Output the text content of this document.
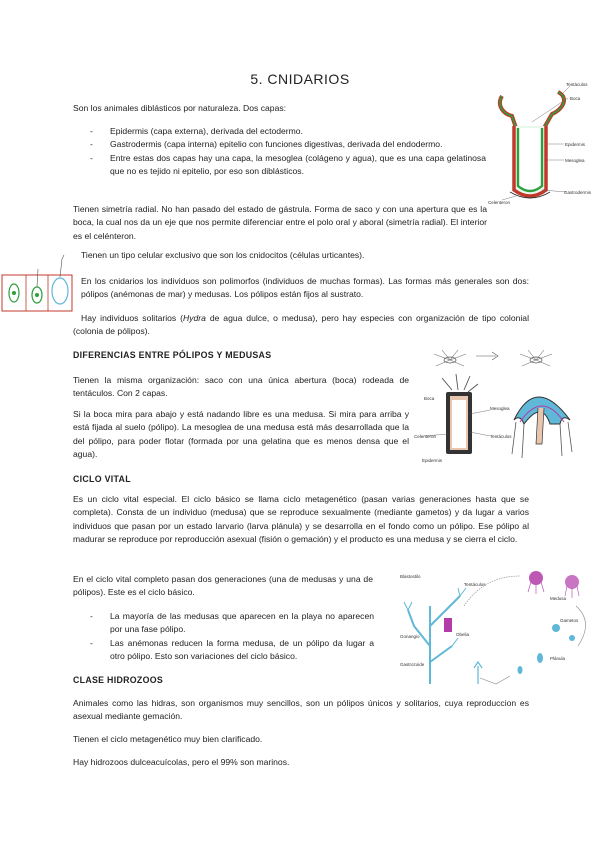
5. CNIDARIOS	Tentáculos
Boca
Epidermis
Mesoglea
Celenteron
Gastrodermis

Son los animales diblásticos por naturaleza. Dos capas:

- Epidermis (capa externa), derivada del ectodermo.
- Gastrodermis (capa interna) epitelio con funciones digestivas, derivada del endodermo.
- Entre estas dos capas hay una capa, la mesoglea (colágeno y agua), que es una capa gelatinosa que no es tejido ni epitelio, por eso son diblásticos.

Tienen simetría radial. No han pasado del estado de gástrula. Forma de saco y con una apertura que es la boca, la cual nos da un eje que nos permite diferenciar entre el polo oral y aboral (simetría radial). El interior es el celénteron.

Tienen un tipo celular exclusivo que son los cnidocitos (células urticantes).

En los cnidarios los individuos son polimorfos (individuos de muchas formas). Las formas más generales son dos: pólipos (anémonas de mar) y medusas. Los pólipos están fijos al sustrato.

Hay individuos solitarios (Hydra de agua dulce, o medusa), pero hay especies con organización de tipo colonial (colonia de pólipos).

DIFERENCIAS ENTRE PÓLIPOS Y MEDUSAS
Boca
Mesoglea
Celenteron	Tentáculos
Epidermis

Tienen la misma organización: saco con una única abertura (boca) rodeada de tentáculos. Con 2 capas.

Si la boca mira para abajo y está nadando libre es una medusa. Si mira para arriba y está fijada al suelo (pólipo). La mesoglea de una medusa está más desarrollada que la del pólipo, para poder flotar (formada por una gelatina que es menos densa que el agua).

CICLO VITAL

Es un ciclo vital especial. El ciclo básico se llama ciclo metagenético (pasan varias generaciones hasta que se completa). Consta de un individuo (medusa) que se reproduce sexualmente (mediante gametos) y da lugar a varios individuos que pasan por un estado larvario (larva plánula) y se desarrolla en el fondo como un pólipo. Ese pólipo al madurar se reproduce por reproducción asexual (fisión o gemación) y el producto es una medusa y se cierra el ciclo.

Blastostilo
Gonangio
Gastrozoide
Tentáculos
Medusa
Obelia
Plánula
Gametos

En el ciclo vital completo pasan dos generaciones (una de medusas y una de pólipos). Este es el ciclo básico.

- La mayoría de las medusas que aparecen en la playa no aparecen por una fase pólipo.
- Las anémonas reducen la forma medusa, de un pólipo da lugar a otro pólipo. Esto son variaciones del ciclo básico.
CLASE HIDROZOOS

Animales como las hidras, son organismos muy sencillos, son un pólipos únicos y solitarios, cuya reproduccion es asexual mediante gemación.

Tienen el ciclo metagenético muy bien clarificado.

Hay hidrozoos dulceacuícolas, pero el 99% son marinos.
